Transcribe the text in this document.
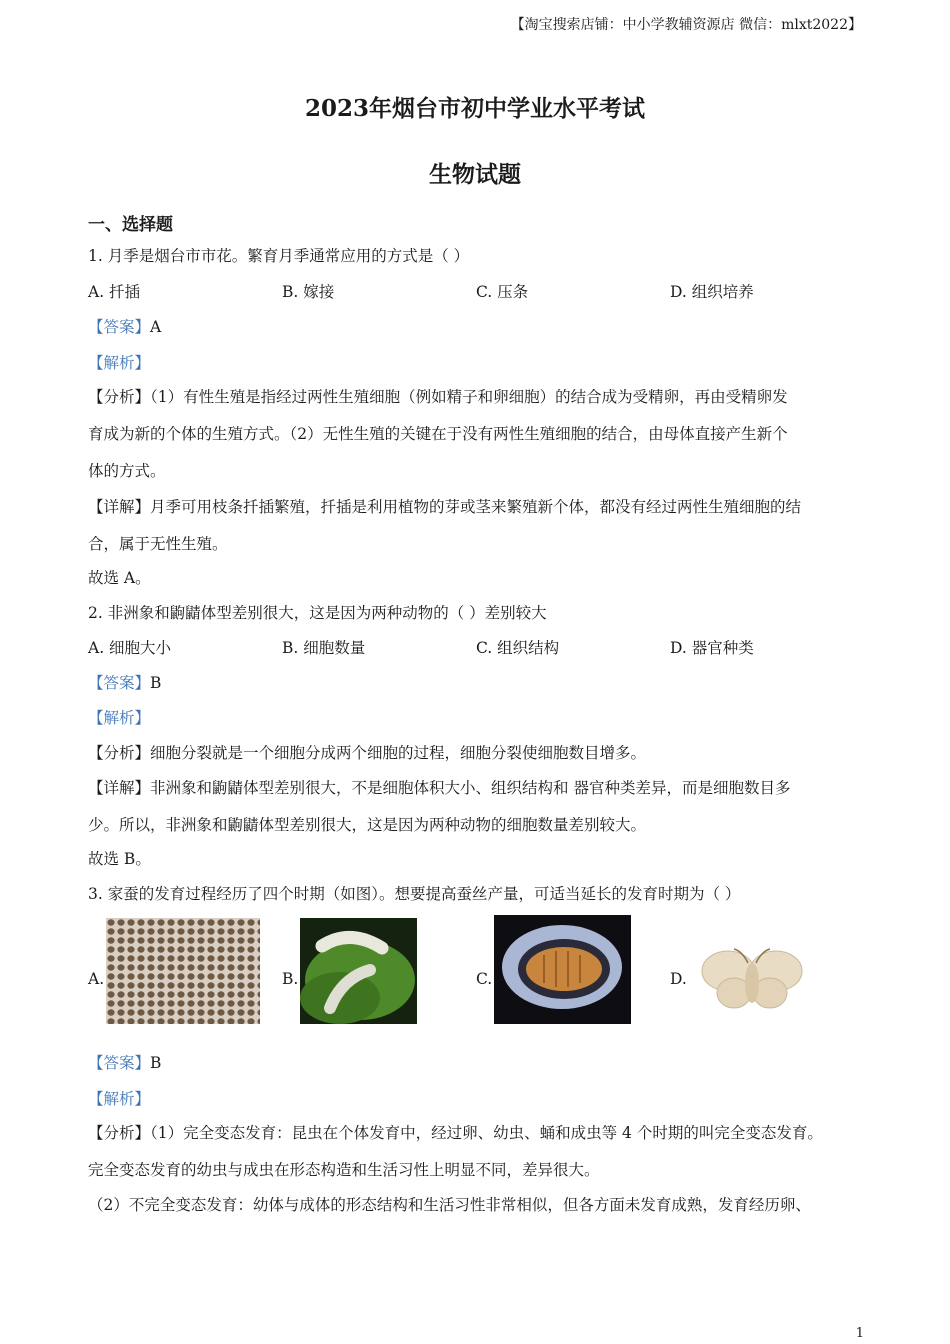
【淘宝搜索店铺：中小学教辅资源店 微信：mlxt2022】
2023年烟台市初中学业水平考试
生物试题
一、选择题
1. 月季是烟台市市花。繁育月季通常应用的方式是（ ）
A. 扦插	B. 嫁接	C. 压条	D. 组织培养
【答案】A
【解析】
【分析】（1）有性生殖是指经过两性生殖细胞（例如精子和卵细胞）的结合成为受精卵，再由受精卵发
育成为新的个体的生殖方式。（2）无性生殖的关键在于没有两性生殖细胞的结合，由母体直接产生新个
体的方式。
【详解】月季可用枝条扦插繁殖，扦插是利用植物的芽或茎来繁殖新个体，都没有经过两性生殖细胞的结
合，属于无性生殖。
故选 A。
2. 非洲象和鼩鼱体型差别很大，这是因为两种动物的（ ）差别较大
A. 细胞大小	B. 细胞数量	C. 组织结构	D. 器官种类
【答案】B
【解析】
【分析】细胞分裂就是一个细胞分成两个细胞的过程，细胞分裂使细胞数目增多。
【详解】非洲象和鼩鼱体型差别很大，不是细胞体积大小、组织结构和 器官种类差异，而是细胞数目多
少。所以，非洲象和鼩鼱体型差别很大，这是因为两种动物的细胞数量差别较大。
故选 B。
3. 家蚕的发育过程经历了四个时期（如图）。想要提高蚕丝产量，可适当延长的发育时期为（ ）
A.	B.	C.	D.
【答案】B
【解析】
【分析】（1）完全变态发育：昆虫在个体发育中，经过卵、幼虫、蛹和成虫等 4 个时期的叫完全变态发育。
完全变态发育的幼虫与成虫在形态构造和生活习性上明显不同，差异很大。
（2）不完全变态发育：幼体与成体的形态结构和生活习性非常相似，但各方面未发育成熟，发育经历卵、
1
